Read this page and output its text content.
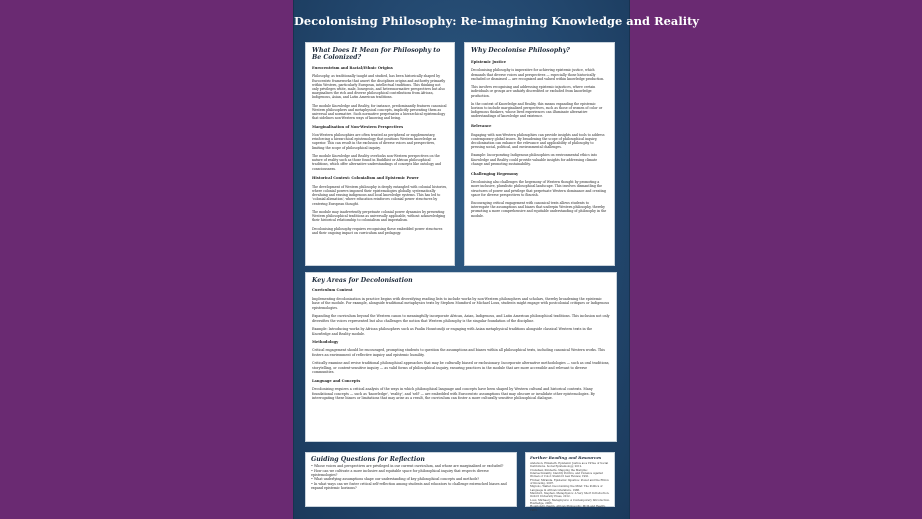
Decolonising Philosophy: Re-imagining Knowledge and Reality
What Does It Mean for Philosophy to Be Colonized?
Eurocentrism and Racial/Ethnic Origins

Philosophy, as traditionally taught and studied, has been historically shaped by Eurocentric frameworks that assert the disciplines origins and authority primarily within Western, particularly European, intellectual traditions. This thinking not only privileges white, male, bourgeois, and heteronormative perspectives but also marginalises the rich and diverse philosophical contributions from African, Indigenous, Asian, and Latin American traditions.

The module Knowledge and Reality, for instance, predominantly features canonical Western philosophers and metaphysical concepts, implicitly presenting them as universal and normative. Such normative perpetuates a hierarchical epistemology that sidelines non-Western ways of knowing and being.

Marginalisation of Non-Western Perspectives

Non-Western philosophies are often treated as peripheral or supplementary, reinforcing a hierarchical epistemology that positions Western knowledge as superior. This can result in the exclusion of diverse voices and perspectives, limiting the scope of philosophical inquiry.

The module Knowledge and Reality overlooks non-Western perspectives on the nature of reality such as those found in Buddhist or African philosophical traditions, which offer alternative understandings of concepts like ontology and consciousness.

Historical Context: Colonialism and Epistemic Power

The development of Western philosophy is deeply entangled with colonial histories, where colonial powers imposed their epistemologies globally, systematically devaluing and erasing indigenous and local knowledge systems. This has led to 'colonial alienation', where education reinforces colonial power structures by centering European thought.

The module may inadvertently perpetuate colonial power dynamics by presenting Western philosophical traditions as universally applicable, without acknowledging their historical relationship to colonialism and imperialism.

Decolonising philosophy requires recognising these embedded power structures and their ongoing impact on curriculum and pedagogy.

Why Decolonise Philosophy?
Epistemic Justice

Decolonising philosophy is imperative for achieving epistemic justice, which demands that diverse voices and perspectives — especially those historically excluded or dismissed — are recognised and valued within knowledge production.

This involves recognising and addressing epistemic injustices, where certain individuals or groups are unfairly discredited or excluded from knowledge production.

In the context of Knowledge and Reality, this means expanding the epistemic horizon to include marginalised perspectives, such as those of women of color or Indigenous thinkers, whose lived experiences can illuminate alternative understandings of knowledge and existence.

Relevance

Engaging with non-Western philosophies can provide insights and tools to address contemporary global issues. By broadening the scope of philosophical inquiry, decolonisation can enhance the relevance and applicability of philosophy to pressing social, political, and environmental challenges.

Example: Incorporating Indigenous philosophies on environmental ethics into Knowledge and Reality could provide valuable insights for addressing climate change and promoting sustainability.

Challenging Hegemony

Decolonising also challenges the hegemony of Western thought by promoting a more inclusive, pluralistic philosophical landscape. This involves dismantling the structures of power and privilege that perpetuate Western dominance and creating space for diverse perspectives to flourish.

Encouraging critical engagement with canonical texts allows students to interrogate the assumptions and biases that underpin Western philosophy, thereby promoting a more comprehensive and equitable understanding of philosophy in the module.

Key Areas for Decolonisation
Curriculum Content

Implementing decolonisation in practice begins with diversifying reading lists to include works by non-Western philosophers and scholars, thereby broadening the epistemic base of the module. For example, alongside traditional metaphysics texts by Stephen Mumford or Michael Loux, students might engage with postcolonial critiques or Indigenous epistemologies.

Expanding the curriculum beyond the Western canon to meaningfully incorporate African, Asian, Indigenous, and Latin American philosophical traditions. This inclusion not only diversifies the voices represented but also challenges the notion that Western philosophy is the singular foundation of the discipline.

Example: Introducing works by African philosophers such as Paulin Hountondji or engaging with Asian metaphysical traditions alongside classical Western texts in the Knowledge and Reality module.

Methodology

Critical engagement should be encouraged, prompting students to question the assumptions and biases within all philosophical texts, including canonical Western works. This fosters an environment of reflective inquiry and epistemic humility.

Critically examine and revise traditional philosophical approaches that may be culturally biased or exclusionary. Incorporate alternative methodologies — such as oral traditions, storytelling, or context-sensitive inquiry — as valid forms of philosophical inquiry, ensuring practices in the module that are more accessible and relevant to diverse communities.

Language and Concepts

Decolonising requires a critical analysis of the ways in which philosophical language and concepts have been shaped by Western cultural and historical contexts. Many foundational concepts — such as 'knowledge', 'reality', and 'self' — are embedded with Eurocentric assumptions that may obscure or invalidate other epistemologies. By interrogating these biases or limitations that may arise as a result, the curriculum can foster a more culturally sensitive philosophical dialogue.

Guiding Questions for Reflection
• Whose voices and perspectives are privileged in our current curriculum, and whose are marginalised or excluded?
• How can we cultivate a more inclusive and equitable space for philosophical inquiry that respects diverse epistemologies?
• What underlying assumptions shape our understanding of key philosophical concepts and methods?
• In what ways can we foster critical self-reflection among students and educators to challenge entrenched biases and expand epistemic horizons?
Further Reading and Resources
Anderson, Elizabeth. Epistemic Justice as a Virtue of Social Institutions. Social Epistemology, 2012.
Crenshaw, Kimberlé. Mapping the Margins: Intersectionality, Identity Politics, and Violence Against Women of Color. Stanford Law Review, 1991.
Fricker, Miranda. Epistemic Injustice: Power and the Ethics of Knowing. 2007.
Mignolo, Walter. Decolonizing the Mind: The Politics of Language in African Literature. 1986.
Mumford, Stephen. Metaphysics: A Very Short Introduction. Oxford University Press, 2012.
Loux, Michael J. Metaphysics: A Contemporary Introduction. Routledge, 2006.
Hountondji, Paulin. African Philosophy: Myth and Reality. 1983.
